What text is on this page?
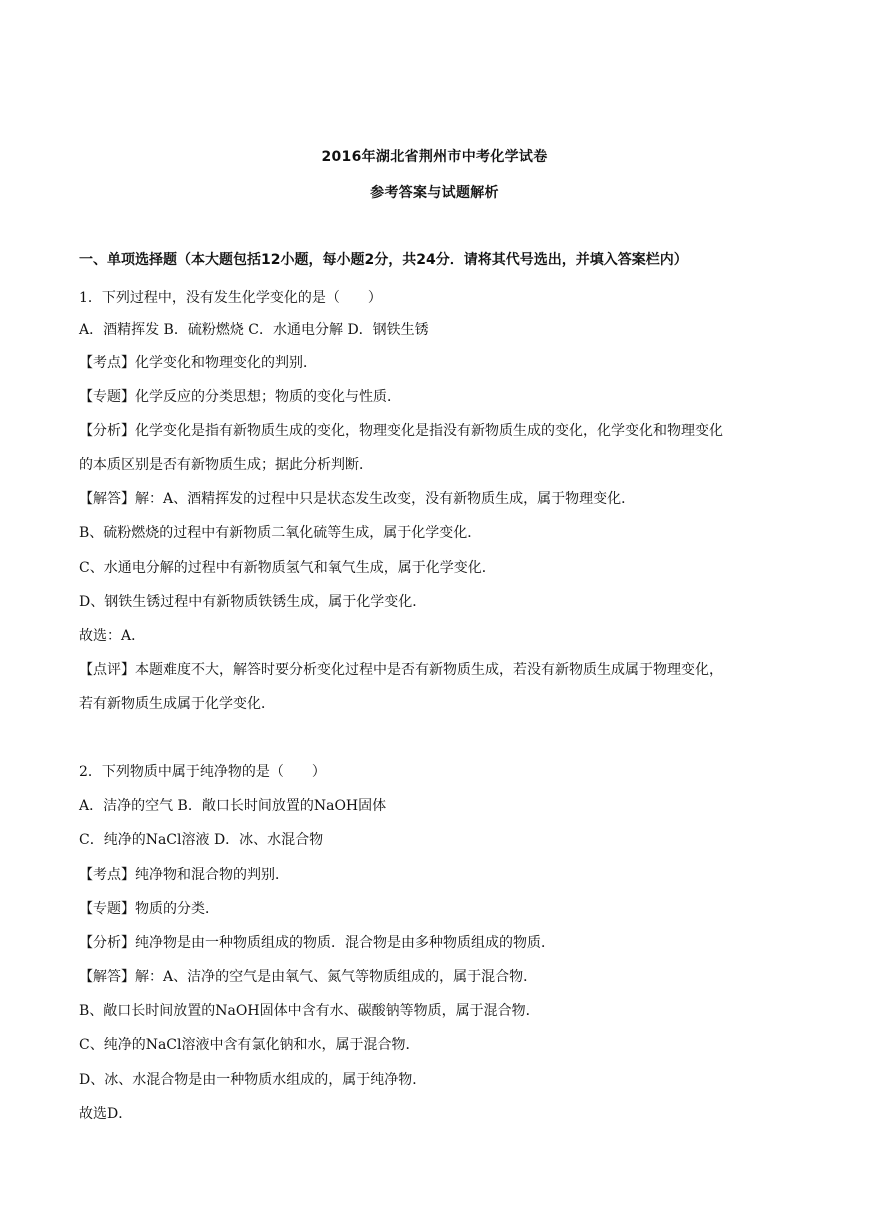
2016年湖北省荆州市中考化学试卷
参考答案与试题解析
一、单项选择题（本大题包括12小题，每小题2分，共24分．请将其代号选出，并填入答案栏内）
1．下列过程中，没有发生化学变化的是（　　）
A．酒精挥发 B．硫粉燃烧 C．水通电分解 D．钢铁生锈
【考点】化学变化和物理变化的判别．
【专题】化学反应的分类思想；物质的变化与性质．
【分析】化学变化是指有新物质生成的变化，物理变化是指没有新物质生成的变化，化学变化和物理变化
的本质区别是否有新物质生成；据此分析判断．
【解答】解：A、酒精挥发的过程中只是状态发生改变，没有新物质生成，属于物理变化．
B、硫粉燃烧的过程中有新物质二氧化硫等生成，属于化学变化．
C、水通电分解的过程中有新物质氢气和氧气生成，属于化学变化．
D、钢铁生锈过程中有新物质铁锈生成，属于化学变化．
故选：A．
【点评】本题难度不大，解答时要分析变化过程中是否有新物质生成，若没有新物质生成属于物理变化，
若有新物质生成属于化学变化．
2．下列物质中属于纯净物的是（　　）
A．洁净的空气 B．敞口长时间放置的NaOH固体
C．纯净的NaCl溶液 D．冰、水混合物
【考点】纯净物和混合物的判别．
【专题】物质的分类．
【分析】纯净物是由一种物质组成的物质．混合物是由多种物质组成的物质．
【解答】解：A、洁净的空气是由氧气、氮气等物质组成的，属于混合物．
B、敞口长时间放置的NaOH固体中含有水、碳酸钠等物质，属于混合物．
C、纯净的NaCl溶液中含有氯化钠和水，属于混合物．
D、冰、水混合物是由一种物质水组成的，属于纯净物．
故选D．
